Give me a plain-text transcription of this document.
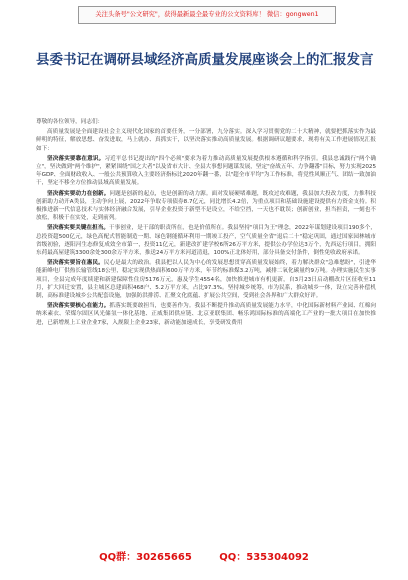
关注头条号"公文研究"，获得最新最全最专业的公文资料库！ 微信：gongwen1
县委书记在调研县域经济高质量发展座谈会上的汇报发言

尊敬的各位领导，同志们：

高质量发展是全面建设社会主义现代化国家的首要任务，一分部署，九分落实。深入学习贯彻党的二十大精神，就要把抓落实作为最鲜明的特征，解放思想、奋发进取，马上就办、真抓实干，以坚决落实推动高质量发展。根据调研议题要求，现将有关工作进展情况汇报如下：

坚决落实要靠在意识。习近平总书记提出的"四个必须"要求为着力推动高质量发展提供根本遵循和科学指引。我县忠诚践行"两个确立"，坚决做到"两个维护"，紧紧围绕"国之大者"以及省市大计、全县大事想问题谋发展，坚定"奋战五年、力争翻番"目标，努力实现2025年GDP、全面财政收入、一般公共预算收入主要经济指标比2020年翻一番，以"超全市平均"为工作标准，将党性风顺正气、团结一致加油干，坚定不移全方位推动县域高质量发展。

坚决落实要动力在创新。问题是创新的起点，也是创新的动力源。面对发展硬堵难题，既攻过攻难题，我县加大投改力度，力推科技创新助力动开A类县，主动争向上展，2022年争取专项债券8.7亿元，同比增长4.2倍，为重点项目和基础设施建设提供有力资金支持。积极推进新一代信息技术与实体经济融合发展，引导企业投资于新型不是设立，不给空挡，一天也不耽误；创新创业，担当担责，一刻也不放松，积极干在实处，走到前列。

坚决落实要关键在担当。干事创业，是干部的职责所在，也是价值所在。我县坚持"项目为王"理念，2022年谋划建设项目190多个，总投资超500亿元，绿色高配式智能制造一期、绿色钢能循环利用一期竣工投产，空气质量全省"退后二十"稳定巩固，通过国家园林城市省级初验，逐阳河生态修复成效全市第一，投资11亿元，新建改扩建学校6所26万平方米，提供公办学位达3万个，先西运行项目，拥阳东荷最高屋建筑3300余处300余万平方米，推送24万平方米河道清退，100%正北体好用，部分具备交付条件，倒性免收政府承诺。

坚决落实要旨在惠民。民心是最大的政治。我县把以人民为中心的发展思想贯穿高质量发展始终，着力解决群众"急难愁盼"，引进华能新峰电厂供热长输管线18公里，稳定实现供热面积600万平方米，年节约标准煤3.2万吨，减排二氧化碳量约9万吨。办理实施民生实事项目，全县完成年度续建和新建保障性住房5176万元，惠及学生4554名，加快推进城市有机更新，自3月23日启动棚改片区征收至11月，扩大回迁安置，县主城区总建面积468户、5.2万平方米，占比97.3%。坚持城乡统筹，市为民系，推动城乡一体，设立完善补偿机制，高标准建设城乡公共配套设施，加强防洪排涝、汇聚文化底蕴、扩展公共空间，受到社会各界和广大群众好评。

坚决落实要核心在能力。抓落实既要敢担当，也要善作为。我县不断提升推动高质量发展能力水平，中化国际新材料产业园、红棉向纳米素衣、荣煤尔固区风光储氢一体化基地、正威集团供应链、北京亚联集团、畅乐鸿国际标准的高端化工产业的一批大项目在加快推进，已新增规上工业企业7家，入规限上企业23家，新动能加速成长，享受研发费用

QQ群：30265665	QQ：535304092
